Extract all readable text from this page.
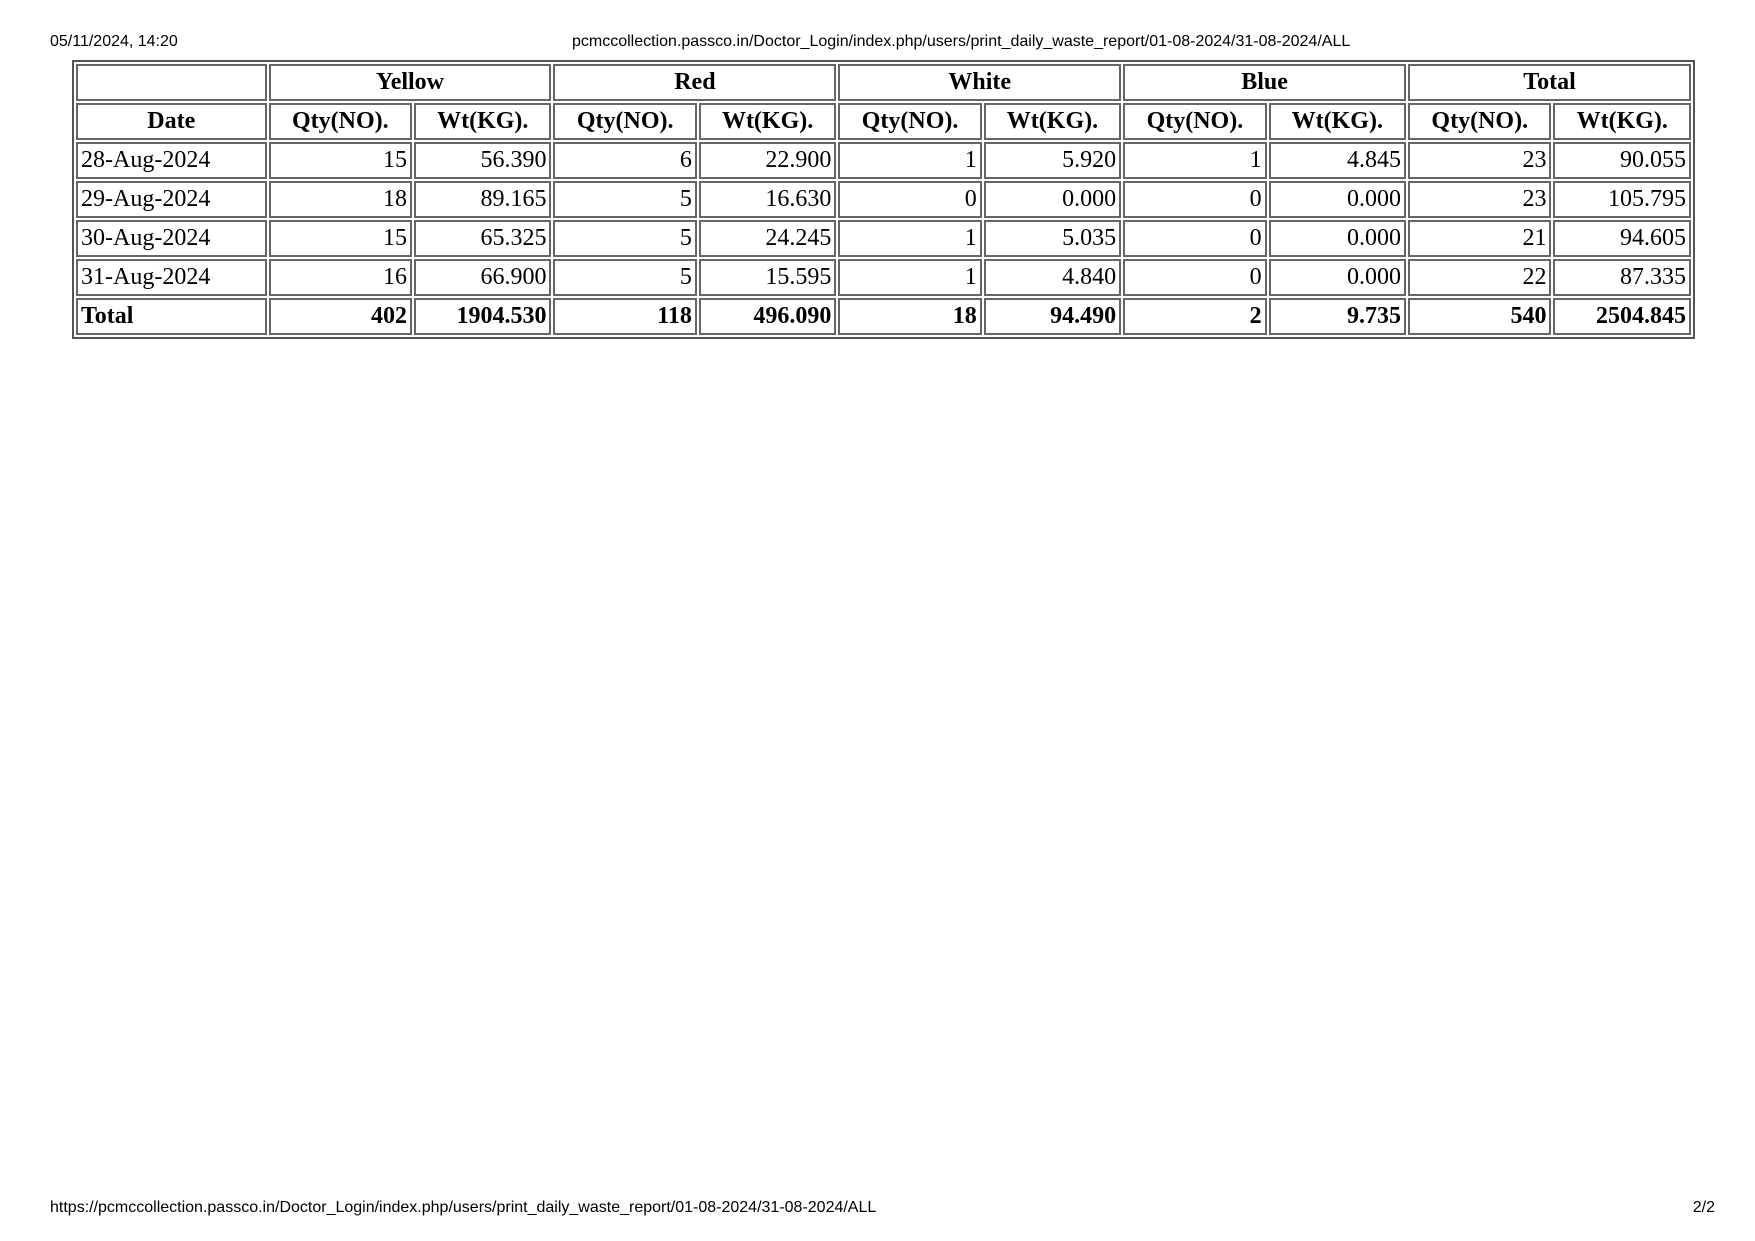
05/11/2024, 14:20	pcmccollection.passco.in/Doctor_Login/index.php/users/print_daily_waste_report/01-08-2024/31-08-2024/ALL
	Yellow		Red		White		Blue		Total	
Date	Qty(NO).	Wt(KG).	Qty(NO).	Wt(KG).	Qty(NO).	Wt(KG).	Qty(NO).	Wt(KG).	Qty(NO).	Wt(KG).
28-Aug-2024	15	56.390	6	22.900	1	5.920	1	4.845	23	90.055
29-Aug-2024	18	89.165	5	16.630	0	0.000	0	0.000	23	105.795
30-Aug-2024	15	65.325	5	24.245	1	5.035	0	0.000	21	94.605
31-Aug-2024	16	66.900	5	15.595	1	4.840	0	0.000	22	87.335
Total	402	1904.530	118	496.090	18	94.490	2	9.735	540	2504.845
https://pcmccollection.passco.in/Doctor_Login/index.php/users/print_daily_waste_report/01-08-2024/31-08-2024/ALL	2/2
